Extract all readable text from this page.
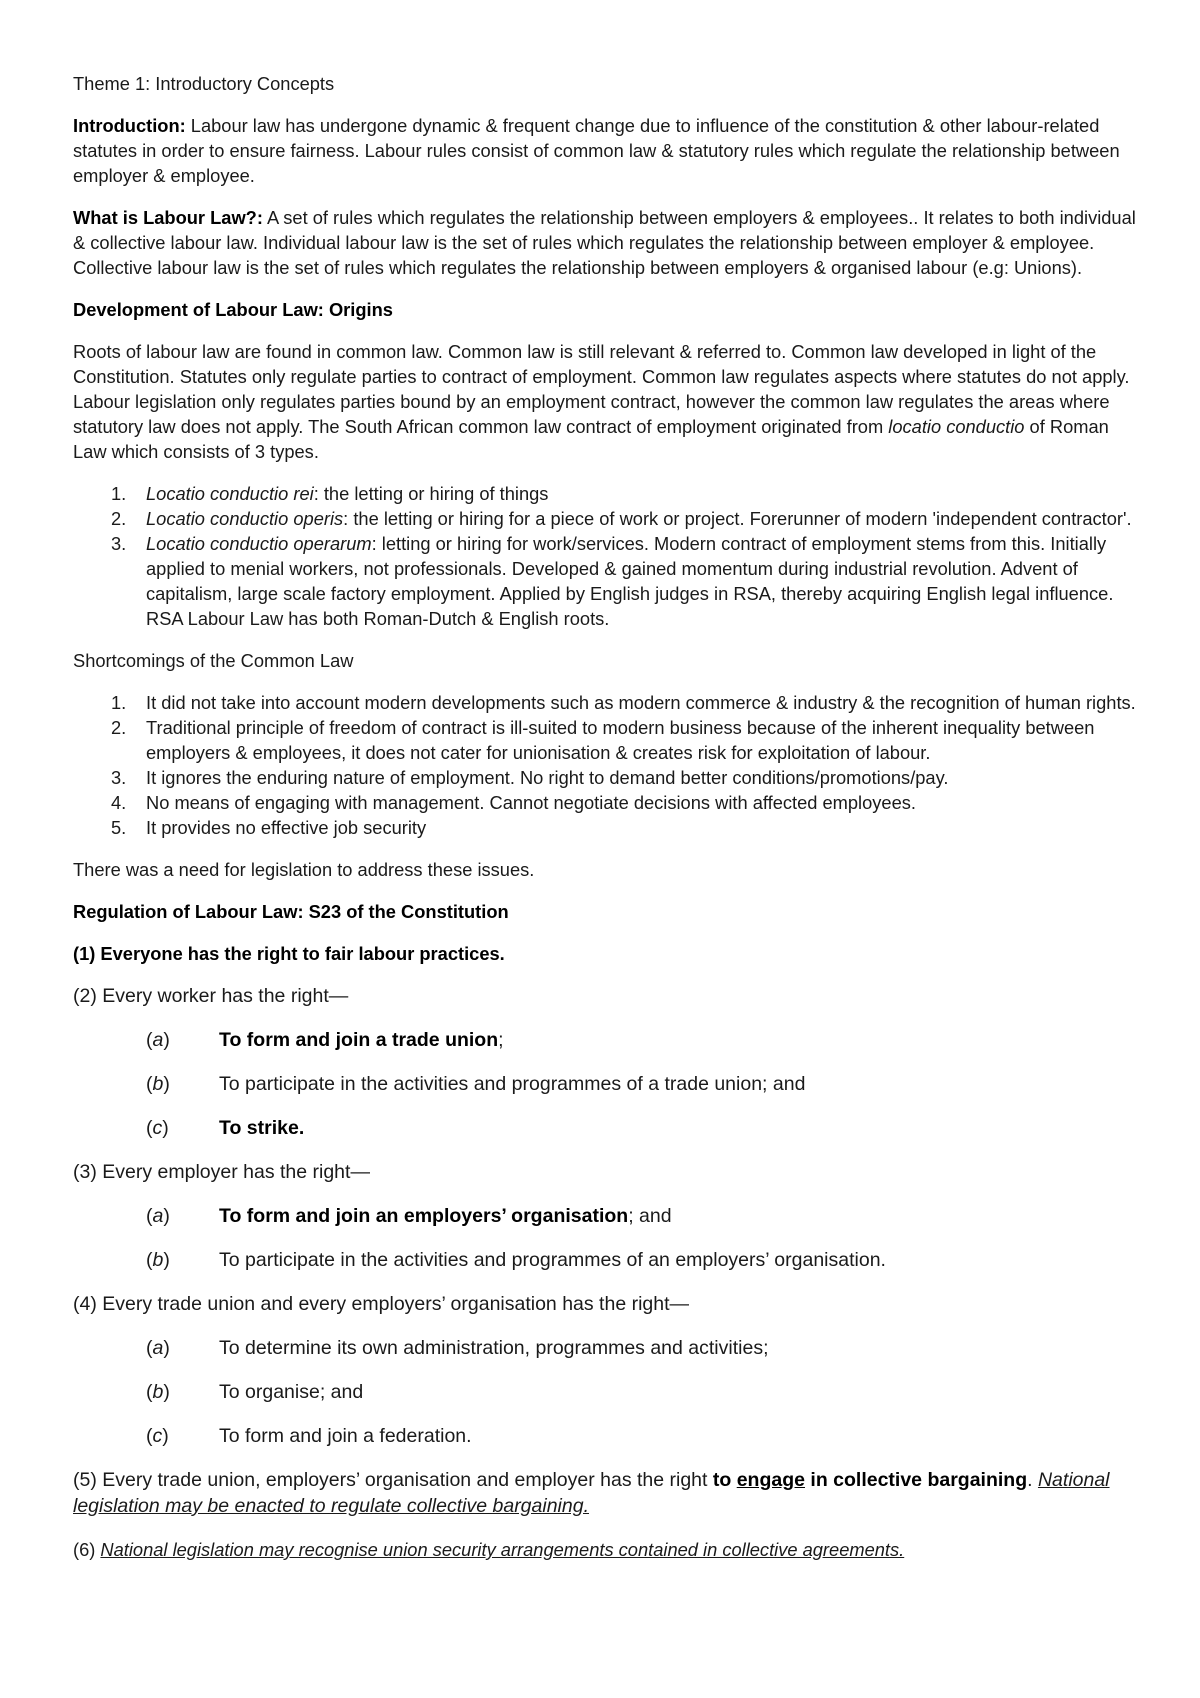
Theme 1: Introductory Concepts

Introduction: Labour law has undergone dynamic & frequent change due to influence of the constitution & other labour-related statutes in order to ensure fairness. Labour rules consist of common law & statutory rules which regulate the relationship between employer & employee.

What is Labour Law?: A set of rules which regulates the relationship between employers & employees.. It relates to both individual & collective labour law. Individual labour law is the set of rules which regulates the relationship between employer & employee. Collective labour law is the set of rules which regulates the relationship between employers & organised labour (e.g: Unions).

Development of Labour Law: Origins

Roots of labour law are found in common law. Common law is still relevant & referred to. Common law developed in light of the Constitution. Statutes only regulate parties to contract of employment. Common law regulates aspects where statutes do not apply. Labour legislation only regulates parties bound by an employment contract, however the common law regulates the areas where statutory law does not apply. The South African common law contract of employment originated from locatio conductio of Roman Law which consists of 3 types.

1. Locatio conductio rei: the letting or hiring of things
2. Locatio conductio operis: the letting or hiring for a piece of work or project. Forerunner of modern 'independent contractor'.
3. Locatio conductio operarum: letting or hiring for work/services. Modern contract of employment stems from this. Initially applied to menial workers, not professionals. Developed & gained momentum during industrial revolution. Advent of capitalism, large scale factory employment. Applied by English judges in RSA, thereby acquiring English legal influence. RSA Labour Law has both Roman-Dutch & English roots.

Shortcomings of the Common Law

1. It did not take into account modern developments such as modern commerce & industry & the recognition of human rights.
2. Traditional principle of freedom of contract is ill-suited to modern business because of the inherent inequality between employers & employees, it does not cater for unionisation & creates risk for exploitation of labour.
3. It ignores the enduring nature of employment. No right to demand better conditions/promotions/pay.
4. No means of engaging with management. Cannot negotiate decisions with affected employees.
5. It provides no effective job security

There was a need for legislation to address these issues.

Regulation of Labour Law: S23 of the Constitution

(1) Everyone has the right to fair labour practices.

(2) Every worker has the right—

(a)	To form and join a trade union;
(b)	To participate in the activities and programmes of a trade union; and
(c)	To strike.

(3) Every employer has the right—

(a)	To form and join an employers’ organisation; and
(b)	To participate in the activities and programmes of an employers’ organisation.

(4) Every trade union and every employers’ organisation has the right—

(a)	To determine its own administration, programmes and activities;
(b)	To organise; and
(c)	To form and join a federation.

(5) Every trade union, employers’ organisation and employer has the right to engage in collective bargaining. National legislation may be enacted to regulate collective bargaining.

(6) National legislation may recognise union security arrangements contained in collective agreements.
